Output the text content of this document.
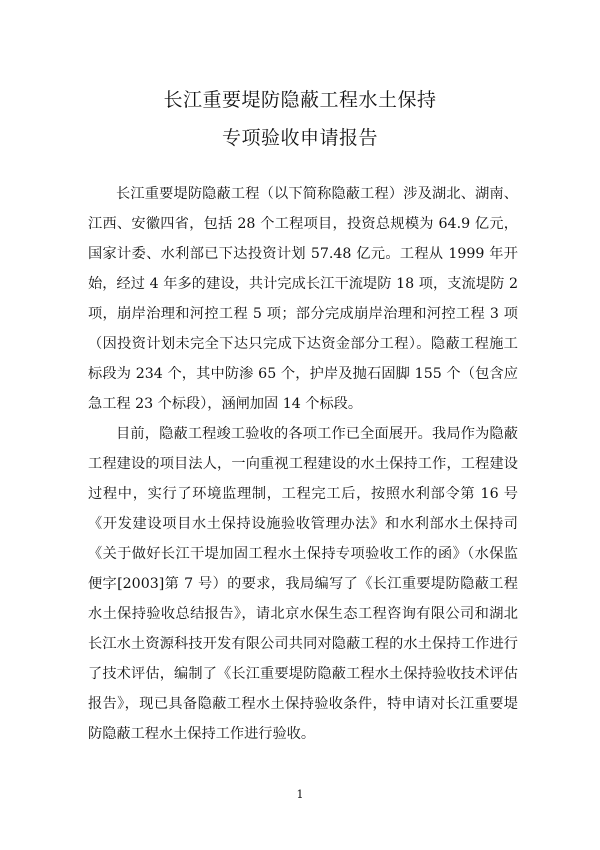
长江重要堤防隐蔽工程水土保持
专项验收申请报告

长江重要堤防隐蔽工程（以下简称隐蔽工程）涉及湖北、湖南、江西、安徽四省，包括 28 个工程项目，投资总规模为 64.9 亿元，国家计委、水利部已下达投资计划 57.48 亿元。工程从 1999 年开始，经过 4 年多的建设，共计完成长江干流堤防 18 项，支流堤防 2 项，崩岸治理和河控工程 5 项；部分完成崩岸治理和河控工程 3 项（因投资计划未完全下达只完成下达资金部分工程）。隐蔽工程施工标段为 234 个，其中防渗 65 个，护岸及抛石固脚 155 个（包含应急工程 23 个标段），涵闸加固 14 个标段。

目前，隐蔽工程竣工验收的各项工作已全面展开。我局作为隐蔽工程建设的项目法人，一向重视工程建设的水土保持工作，工程建设过程中，实行了环境监理制，工程完工后，按照水利部令第 16 号《开发建设项目水土保持设施验收管理办法》和水利部水土保持司《关于做好长江干堤加固工程水土保持专项验收工作的函》（水保监便字[2003]第 7 号）的要求，我局编写了《长江重要堤防隐蔽工程水土保持验收总结报告》，请北京水保生态工程咨询有限公司和湖北长江水土资源科技开发有限公司共同对隐蔽工程的水土保持工作进行了技术评估，编制了《长江重要堤防隐蔽工程水土保持验收技术评估报告》，现已具备隐蔽工程水土保持验收条件，特申请对长江重要堤防隐蔽工程水土保持工作进行验收。

1
